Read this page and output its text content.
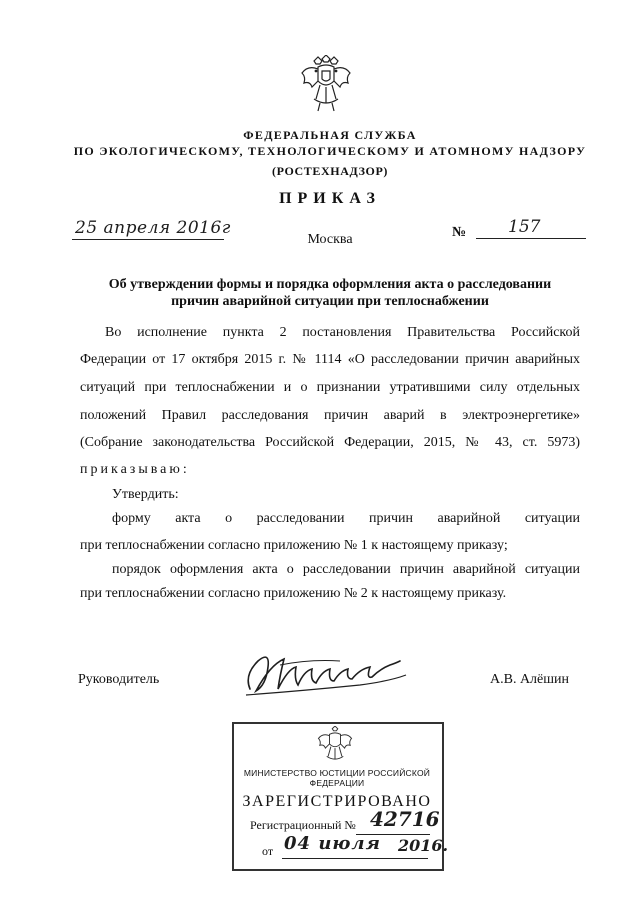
ФЕДЕРАЛЬНАЯ СЛУЖБА
ПО ЭКОЛОГИЧЕСКОМУ, ТЕХНОЛОГИЧЕСКОМУ И АТОМНОМУ НАДЗОРУ
(РОСТЕХНАДЗОР)
ПРИКАЗ
25 апреля 2016г	№ 157
Москва
Об утверждении формы и порядка оформления акта о расследовании
причин аварийной ситуации при теплоснабжении
Во исполнение пункта 2 постановления Правительства Российской
Федерации от 17 октября 2015 г. № 1114 «О расследовании причин аварийных
ситуаций при теплоснабжении и о признании утратившими силу отдельных
положений Правил расследования причин аварий в электроэнергетике»
(Собрание законодательства Российской Федерации, 2015, № 43, ст. 5973)
приказываю:
Утвердить:
форму акта о расследовании причин аварийной ситуации
при теплоснабжении согласно приложению № 1 к настоящему приказу;
порядок оформления акта о расследовании причин аварийной ситуации
при теплоснабжении согласно приложению № 2 к настоящему приказу.
Руководитель	А.В. Алёшин
МИНИСТЕРСТВО ЮСТИЦИИ РОССИЙСКОЙ ФЕДЕРАЦИИ
ЗАРЕГИСТРИРОВАНО
Регистрационный № 42716
от 04 июля 2016.
